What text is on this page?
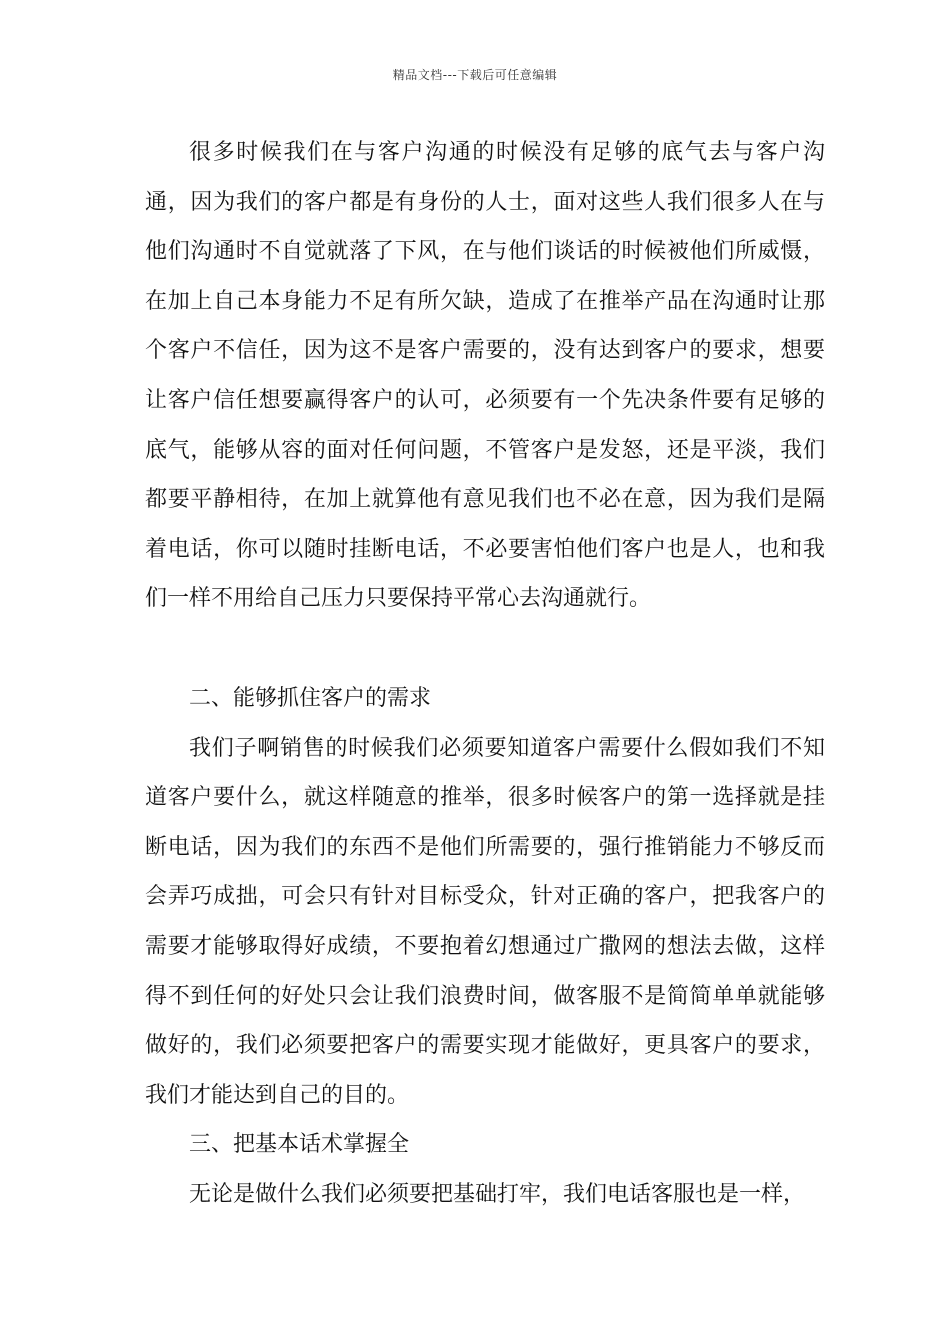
精品文档---下载后可任意编辑

很多时候我们在与客户沟通的时候没有足够的底气去与客户沟通，因为我们的客户都是有身份的人士，面对这些人我们很多人在与他们沟通时不自觉就落了下风，在与他们谈话的时候被他们所威慑，在加上自己本身能力不足有所欠缺，造成了在推举产品在沟通时让那个客户不信任，因为这不是客户需要的，没有达到客户的要求，想要让客户信任想要赢得客户的认可，必须要有一个先决条件要有足够的底气，能够从容的面对任何问题，不管客户是发怒，还是平淡，我们都要平静相待，在加上就算他有意见我们也不必在意，因为我们是隔着电话，你可以随时挂断电话，不必要害怕他们客户也是人，也和我们一样不用给自己压力只要保持平常心去沟通就行。

二、能够抓住客户的需求

我们子啊销售的时候我们必须要知道客户需要什么假如我们不知道客户要什么，就这样随意的推举，很多时候客户的第一选择就是挂断电话，因为我们的东西不是他们所需要的，强行推销能力不够反而会弄巧成拙，可会只有针对目标受众，针对正确的客户，把我客户的需要才能够取得好成绩，不要抱着幻想通过广撒网的想法去做，这样得不到任何的好处只会让我们浪费时间，做客服不是简简单单就能够做好的，我们必须要把客户的需要实现才能做好，更具客户的要求，我们才能达到自己的目的。

三、把基本话术掌握全

无论是做什么我们必须要把基础打牢，我们电话客服也是一样，
